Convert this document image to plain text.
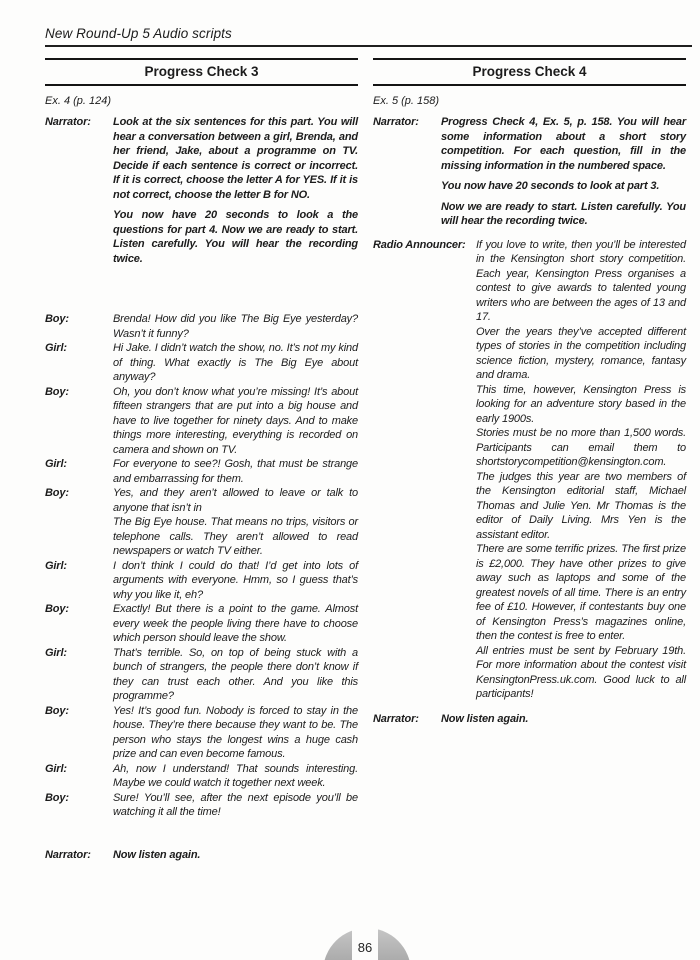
New Round-Up 5 Audio scripts
Progress Check 3
Ex. 4 (p. 124)
Narrator:	Look at the six sentences for this part. You will hear a conversation between a girl, Brenda, and her friend, Jake, about a programme on TV. Decide if each sentence is correct or incorrect. If it is correct, choose the letter A for YES. If it is not correct, choose the letter B for NO.

You now have 20 seconds to look a the questions for part 4. Now we are ready to start. Listen carefully. You will hear the recording twice.

Boy:	Brenda! How did you like The Big Eye yesterday? Wasn’t it funny?

Girl:	Hi Jake. I didn’t watch the show, no. It’s not my kind of thing. What exactly is The Big Eye about anyway?

Boy:	Oh, you don’t know what you’re missing! It’s about fifteen strangers that are put into a big house and have to live together for ninety days. And to make things more interesting, everything is recorded on camera and shown on TV.

Girl:	For everyone to see?! Gosh, that must be strange and embarrassing for them.

Boy:	Yes, and they aren’t allowed to leave or talk to anyone that isn’t in

The Big Eye house. That means no trips, visitors or telephone calls. They aren’t allowed to read newspapers or watch TV either.

Girl:	I don’t think I could do that! I’d get into lots of arguments with everyone. Hmm, so I guess that’s why you like it, eh?

Boy:	Exactly! But there is a point to the game. Almost every week the people living there have to choose which person should leave the show.

Girl:	That’s terrible. So, on top of being stuck with a bunch of strangers, the people there don’t know if they can trust each other. And you like this programme?

Boy:	Yes! It’s good fun. Nobody is forced to stay in the house. They’re there because they want to be. The person who stays the longest wins a huge cash prize and can even become famous.

Girl:	Ah, now I understand! That sounds interesting. Maybe we could watch it together next week.

Boy:	Sure! You’ll see, after the next episode you’ll be watching it all the time!

Narrator:	Now listen again.

Progress Check 4
Ex. 5 (p. 158)
Narrator:	Progress Check 4, Ex. 5, p. 158. You will hear some information about a short story competition. For each question, fill in the missing information in the numbered space.

You now have 20 seconds to look at part 3.

Now we are ready to start. Listen carefully. You will hear the recording twice.

Radio Announcer: If you love to write, then you’ll be interested in the Kensington short story competition. Each year, Kensington Press organises a contest to give awards to talented young writers who are between the ages of 13 and 17.

Over the years they’ve accepted different types of stories in the competition including science fiction, mystery, romance, fantasy and drama.

This time, however, Kensington Press is looking for an adventure story based in the early 1900s.

Stories must be no more than 1,500 words. Participants can email them to shortstorycompetition@kensington.com.

The judges this year are two members of the Kensington editorial staff, Michael Thomas and Julie Yen. Mr Thomas is the editor of Daily Living. Mrs Yen is the assistant editor.

There are some terrific prizes. The first prize is £2,000. They have other prizes to give away such as laptops and some of the greatest novels of all time. There is an entry fee of £10. However, if contestants buy one of Kensington Press’s magazines online, then the contest is free to enter.

All entries must be sent by February 19th. For more information about the contest visit KensingtonPress.uk.com. Good luck to all participants!

Narrator:	Now listen again.

86
